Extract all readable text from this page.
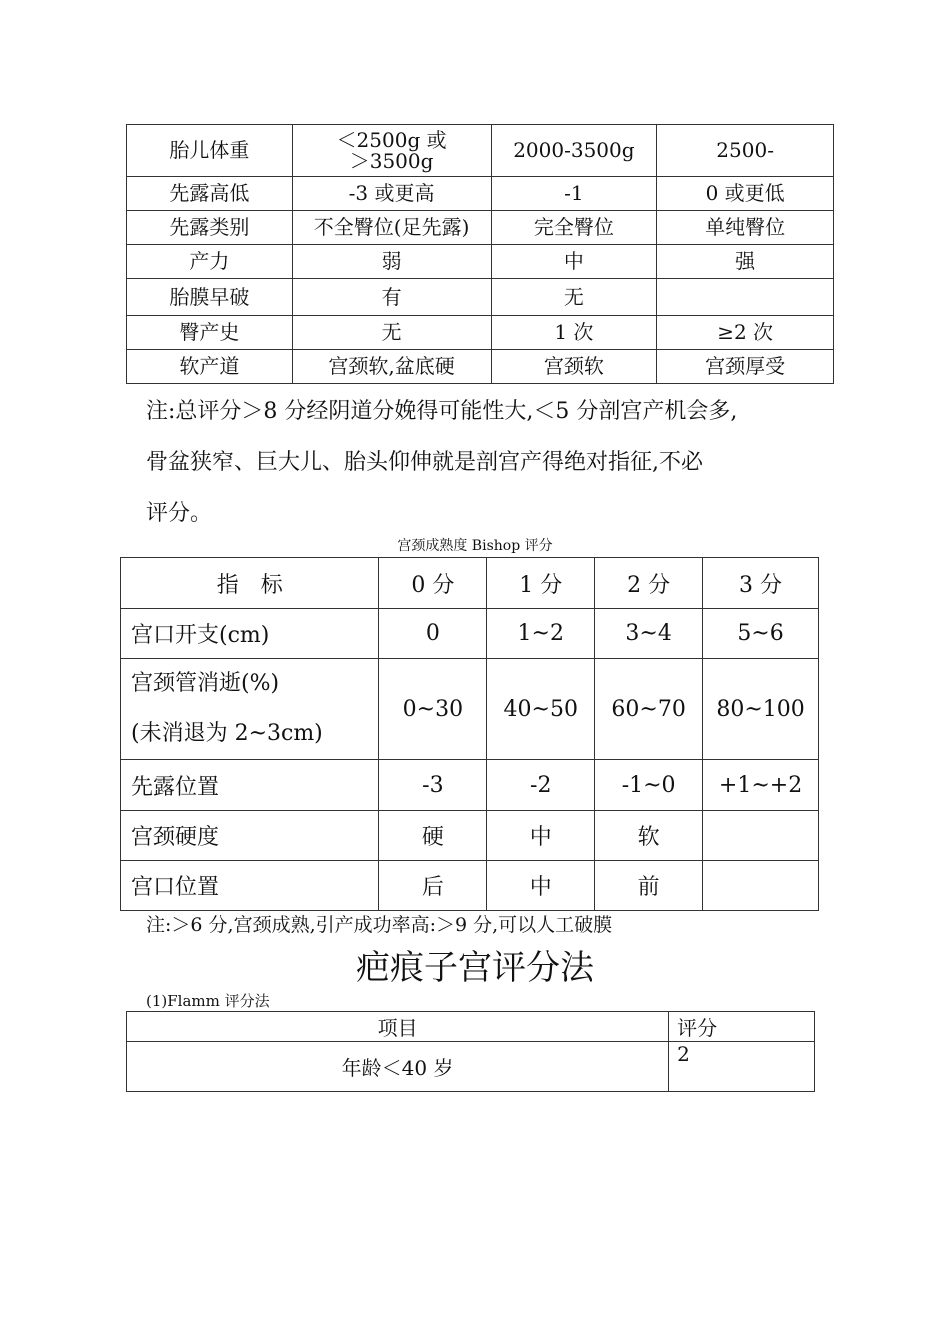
胎儿体重	＜2500g 或＞3500g	2000-3500g	2500-
先露高低	-3 或更高	-1	0 或更低
先露类别	不全臀位(足先露)	完全臀位	单纯臀位
产力	弱	中	强
胎膜早破	有	无	
臀产史	无	1 次	≥2 次
软产道	宫颈软,盆底硬	宫颈软	宫颈厚受

注:总评分＞8 分经阴道分娩得可能性大,＜5 分剖宫产机会多,
骨盆狭窄、巨大儿、胎头仰伸就是剖宫产得绝对指征,不必
评分。

宫颈成熟度 Bishop 评分
指　标	0 分	1 分	2 分	3 分
宫口开支(cm)	0	1~2	3~4	5~6

宫颈管消逝(%)
(未消退为 2~3cm)	0~30	40~50	60~70	80~100
先露位置	-3	-2	-1~0	+1~+2
宫颈硬度	硬	中	软	
宫口位置	后	中	前	
注:＞6 分,宫颈成熟,引产成功率高:＞9 分,可以人工破膜
疤痕子宫评分法
(1)Flamm 评分法
项目	评分
年龄＜40 岁	2
